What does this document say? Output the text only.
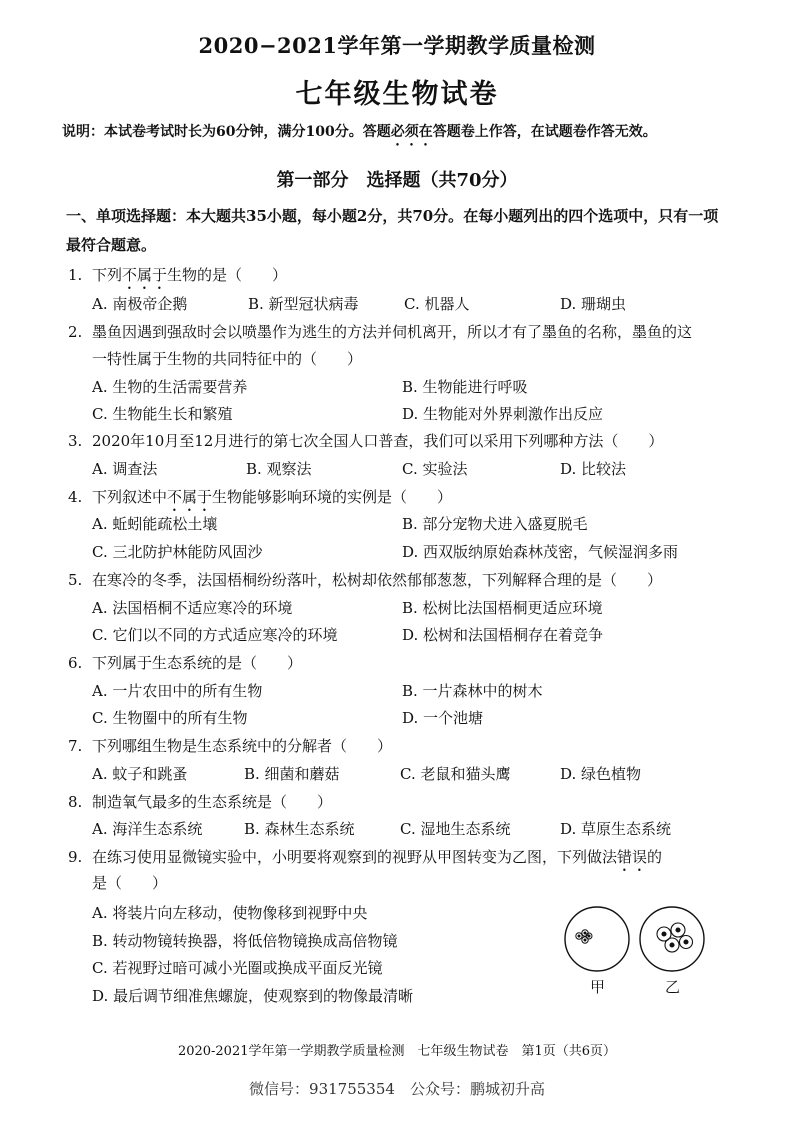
2020−2021学年第一学期教学质量检测
七年级生物试卷
说明：本试卷考试时长为60分钟，满分100分。答题必须在答题卷上作答，在试题卷作答无效。
第一部分　选择题（共70分）
一、单项选择题：本大题共35小题，每小题2分，共70分。在每小题列出的四个选项中，只有一项
最符合题意。
1. 下列不属于生物的是（　　）
A. 南极帝企鹅	B. 新型冠状病毒	C. 机器人	D. 珊瑚虫
2. 墨鱼因遇到强敌时会以喷墨作为逃生的方法并伺机离开，所以才有了墨鱼的名称，墨鱼的这
一特性属于生物的共同特征中的（　　）
A. 生物的生活需要营养	B. 生物能进行呼吸
C. 生物能生长和繁殖	D. 生物能对外界刺激作出反应
3. 2020年10月至12月进行的第七次全国人口普查，我们可以采用下列哪种方法（　　）
A. 调查法	B. 观察法	C. 实验法	D. 比较法
4. 下列叙述中不属于生物能够影响环境的实例是（　　）
A. 蚯蚓能疏松土壤	B. 部分宠物犬进入盛夏脱毛
C. 三北防护林能防风固沙	D. 西双版纳原始森林茂密，气候湿润多雨
5. 在寒冷的冬季，法国梧桐纷纷落叶，松树却依然郁郁葱葱，下列解释合理的是（　　）
A. 法国梧桐不适应寒冷的环境	B. 松树比法国梧桐更适应环境
C. 它们以不同的方式适应寒冷的环境	D. 松树和法国梧桐存在着竞争
6. 下列属于生态系统的是（　　）
A. 一片农田中的所有生物	B. 一片森林中的树木
C. 生物圈中的所有生物	D. 一个池塘
7. 下列哪组生物是生态系统中的分解者（　　）
A. 蚊子和跳蚤	B. 细菌和蘑菇	C. 老鼠和猫头鹰	D. 绿色植物
8. 制造氧气最多的生态系统是（　　）
A. 海洋生态系统	B. 森林生态系统	C. 湿地生态系统	D. 草原生态系统
9. 在练习使用显微镜实验中，小明要将观察到的视野从甲图转变为乙图，下列做法错误的
是（　　）
A. 将装片向左移动，使物像移到视野中央
B. 转动物镜转换器，将低倍物镜换成高倍物镜
C. 若视野过暗可减小光圈或换成平面反光镜
D. 最后调节细准焦螺旋，使观察到的物像最清晰	甲	乙
2020-2021学年第一学期教学质量检测　七年级生物试卷　第1页（共6页）
微信号：931755354　公众号：鹏城初升高
